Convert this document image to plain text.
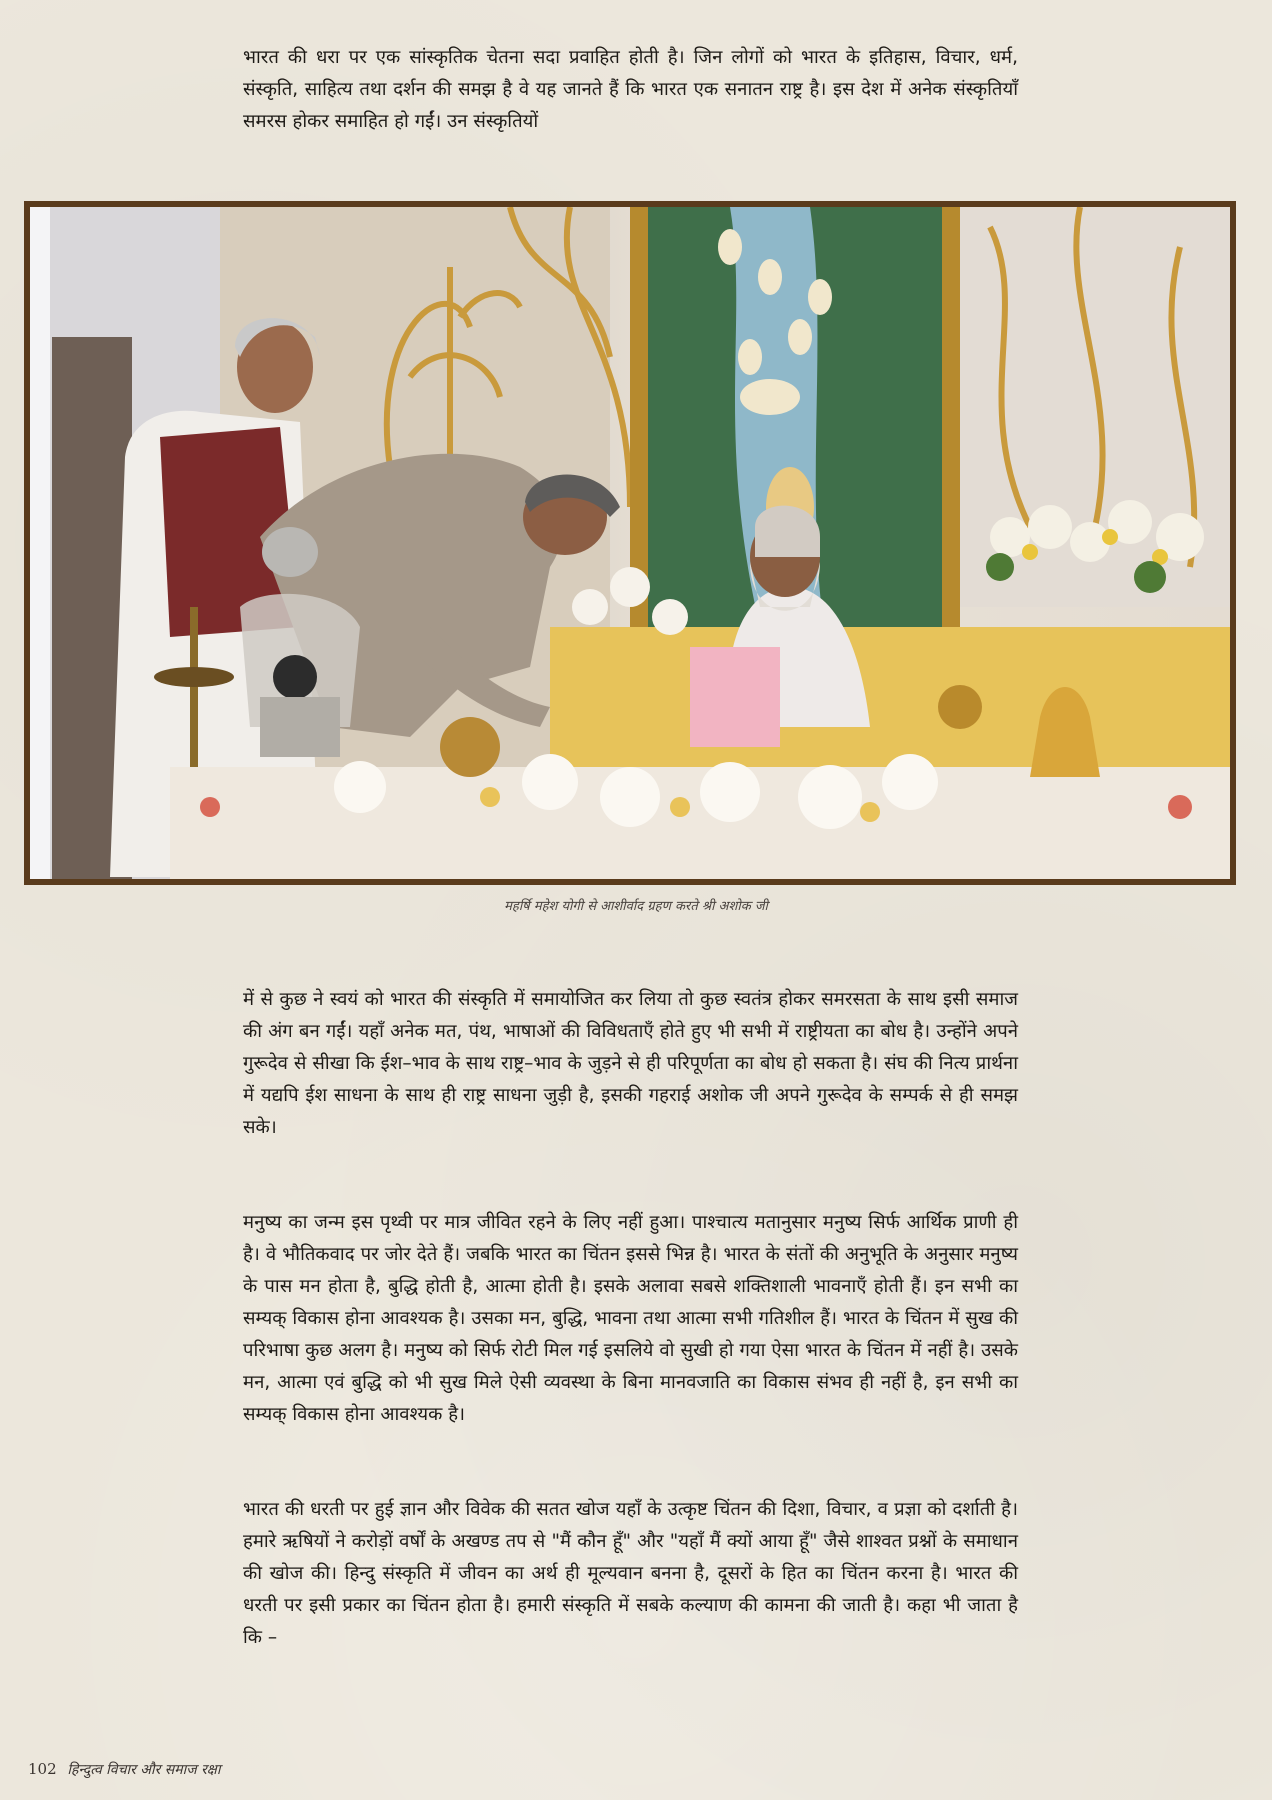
भारत की धरा पर एक सांस्कृतिक चेतना सदा प्रवाहित होती है। जिन लोगों को भारत के इतिहास, विचार, धर्म, संस्कृति, साहित्य तथा दर्शन की समझ है वे यह जानते हैं कि भारत एक सनातन राष्ट्र है। इस देश में अनेक संस्कृतियाँ समरस होकर समाहित हो गईं। उन संस्कृतियों

महर्षि महेश योगी से आशीर्वाद ग्रहण करते श्री अशोक जी

में से कुछ ने स्वयं को भारत की संस्कृति में समायोजित कर लिया तो कुछ स्वतंत्र होकर समरसता के साथ इसी समाज की अंग बन गईं। यहाँ अनेक मत, पंथ, भाषाओं की विविधताएँ होते हुए भी सभी में राष्ट्रीयता का बोध है। उन्होंने अपने गुरूदेव से सीखा कि ईश–भाव के साथ राष्ट्र–भाव के जुड़ने से ही परिपूर्णता का बोध हो सकता है। संघ की नित्य प्रार्थना में यद्यपि ईश साधना के साथ ही राष्ट्र साधना जुड़ी है, इसकी गहराई अशोक जी अपने गुरूदेव के सम्पर्क से ही समझ सके।

मनुष्य का जन्म इस पृथ्वी पर मात्र जीवित रहने के लिए नहीं हुआ। पाश्चात्य मतानुसार मनुष्य सिर्फ आर्थिक प्राणी ही है। वे भौतिकवाद पर जोर देते हैं। जबकि भारत का चिंतन इससे भिन्न है। भारत के संतों की अनुभूति के अनुसार मनुष्य के पास मन होता है, बुद्धि होती है, आत्मा होती है। इसके अलावा सबसे शक्तिशाली भावनाएँ होती हैं। इन सभी का सम्यक् विकास होना आवश्यक है। उसका मन, बुद्धि, भावना तथा आत्मा सभी गतिशील हैं। भारत के चिंतन में सुख की परिभाषा कुछ अलग है। मनुष्य को सिर्फ रोटी मिल गई इसलिये वो सुखी हो गया ऐसा भारत के चिंतन में नहीं है। उसके मन, आत्मा एवं बुद्धि को भी सुख मिले ऐसी व्यवस्था के बिना मानवजाति का विकास संभव ही नहीं है, इन सभी का सम्यक् विकास होना आवश्यक है।

भारत की धरती पर हुई ज्ञान और विवेक की सतत खोज यहाँ के उत्कृष्ट चिंतन की दिशा, विचार, व प्रज्ञा को दर्शाती है। हमारे ऋषियों ने करोड़ों वर्षों के अखण्ड तप से "मैं कौन हूँ" और "यहाँ मैं क्यों आया हूँ" जैसे शाश्वत प्रश्नों के समाधान की खोज की। हिन्दु संस्कृति में जीवन का अर्थ ही मूल्यवान बनना है, दूसरों के हित का चिंतन करना है। भारत की धरती पर इसी प्रकार का चिंतन होता है। हमारी संस्कृति में सबके कल्याण की कामना की जाती है। कहा भी जाता है कि –

102 हिन्दुत्व विचार और समाज रक्षा
